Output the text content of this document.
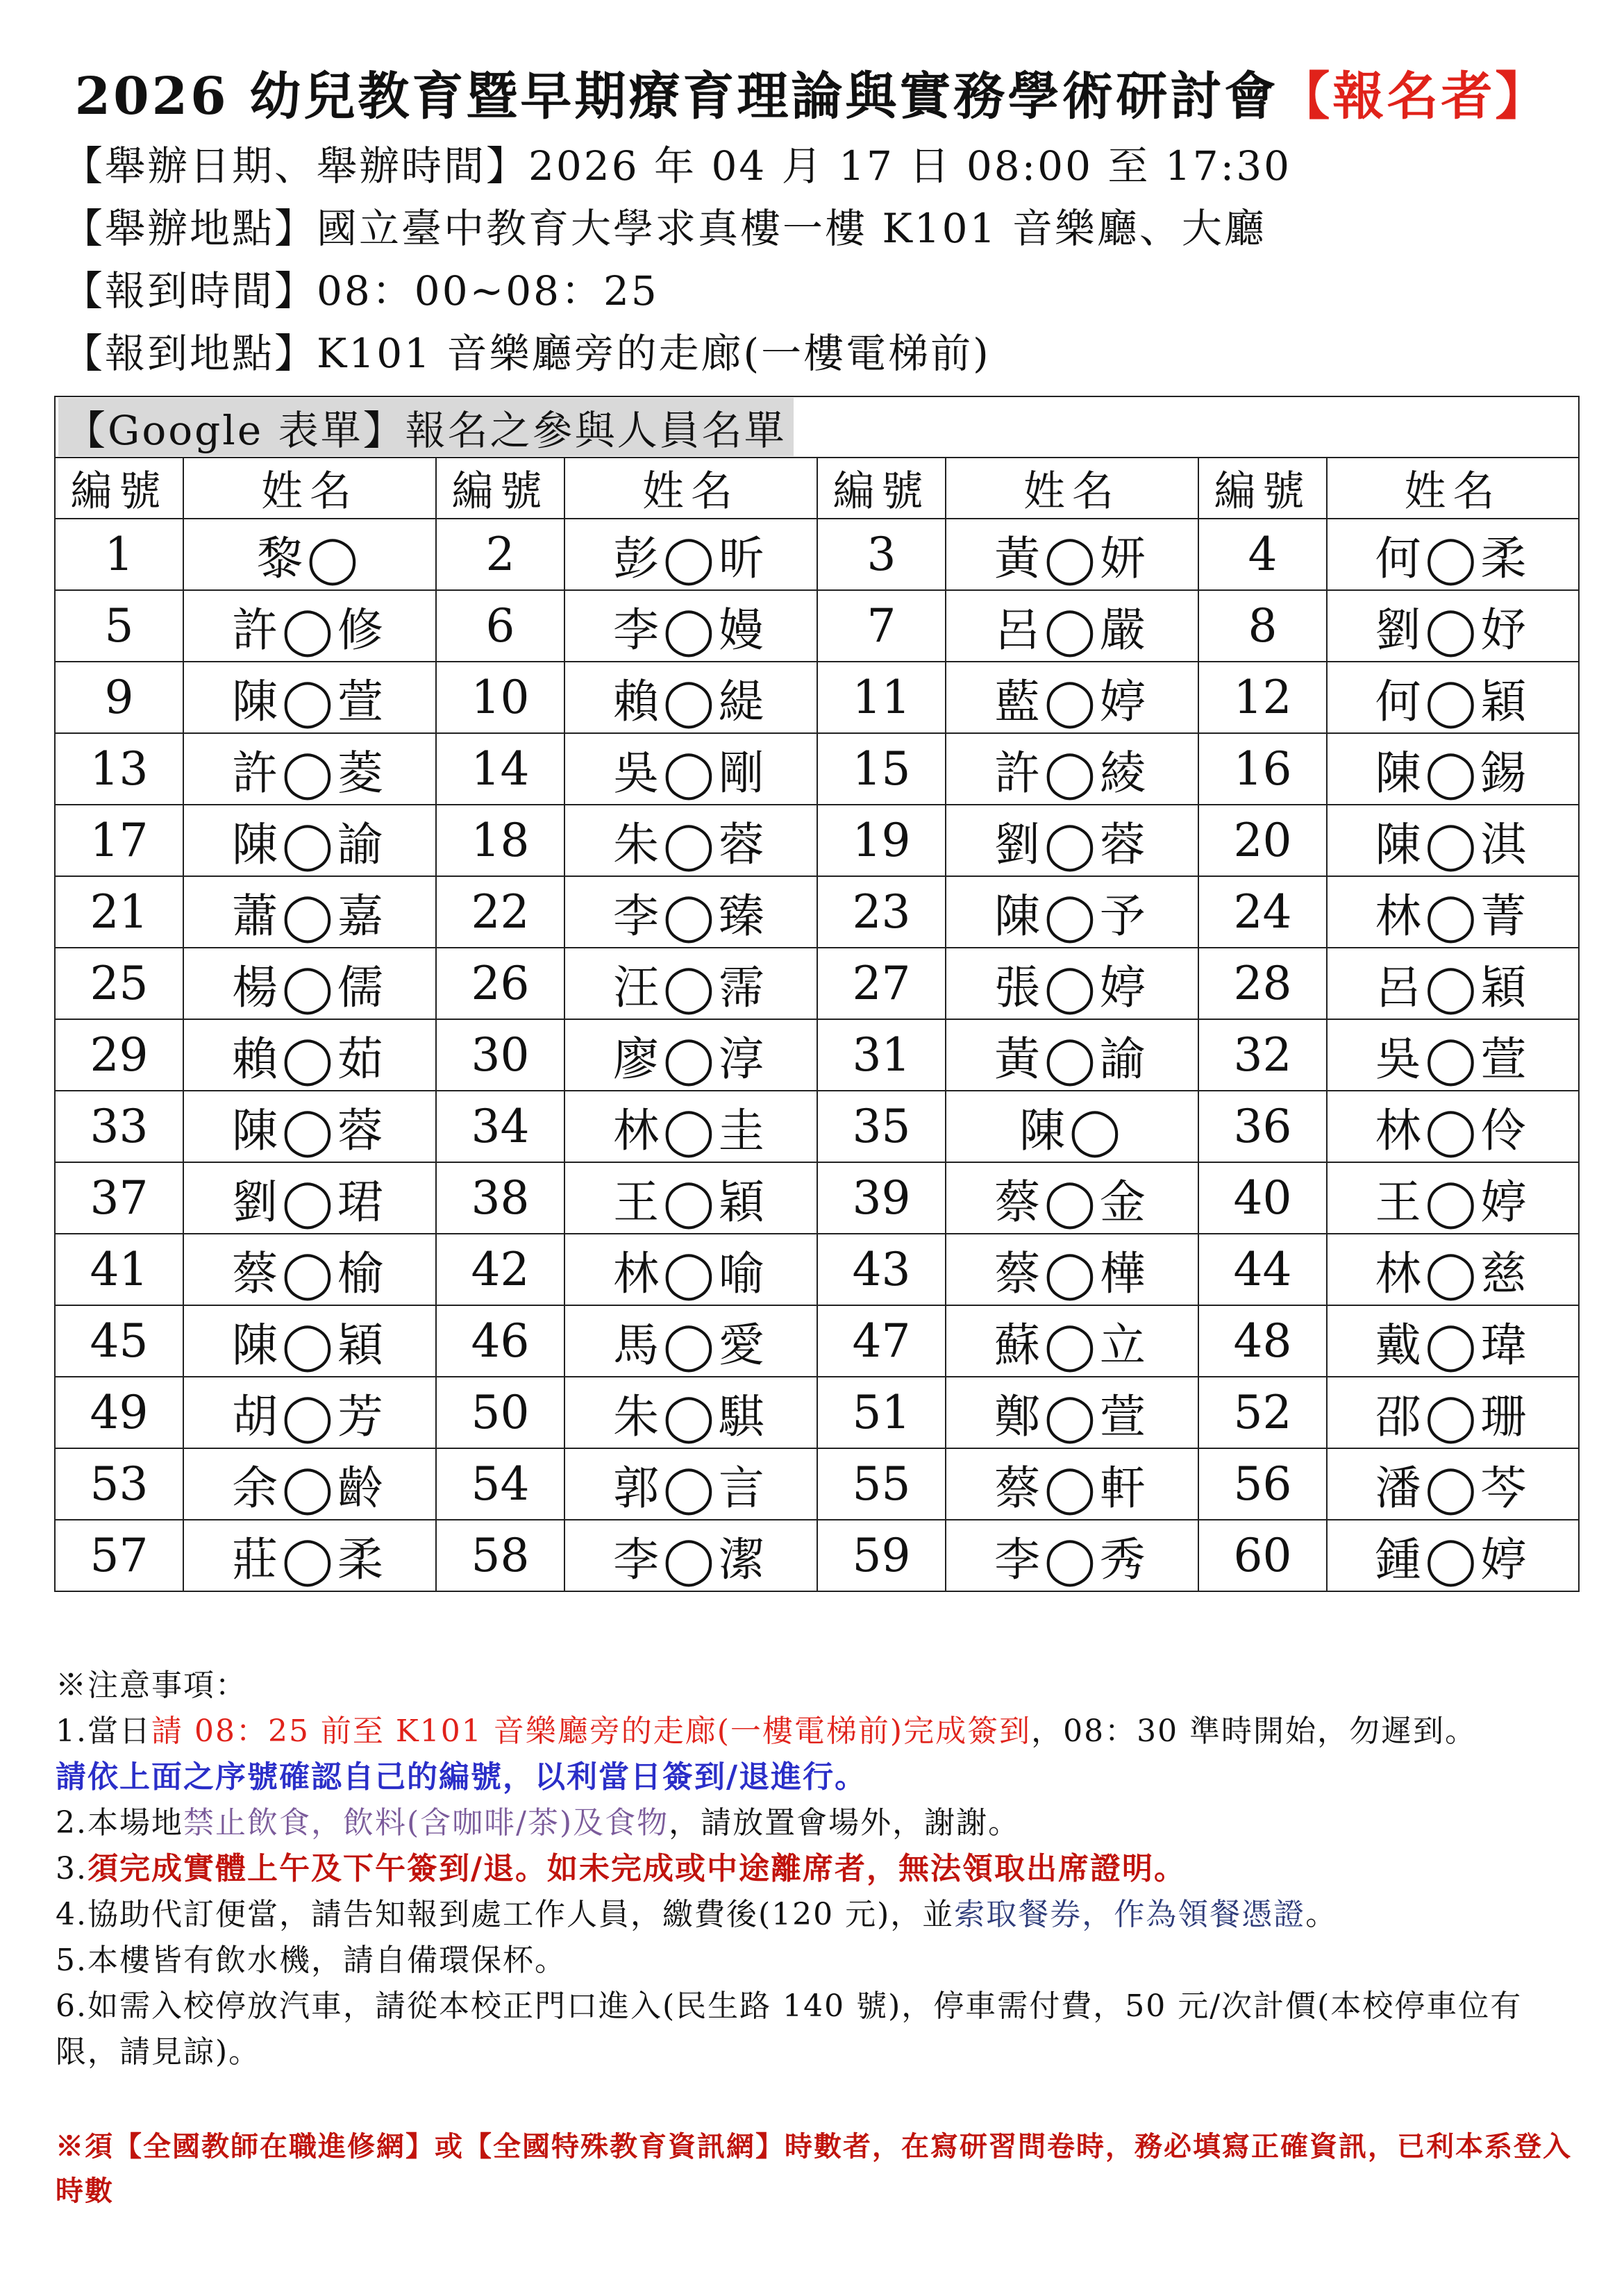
2026 幼兒教育暨早期療育理論與實務學術研討會【報名者】
【舉辦日期、舉辦時間】2026 年 04 月 17 日 08:00 至 17:30
【舉辦地點】國立臺中教育大學求真樓一樓 K101 音樂廳、大廳
【報到時間】08：00~08：25
【報到地點】K101 音樂廳旁的走廊(一樓電梯前)
【Google 表單】報名之參與人員名單							
編號	姓名	編號	姓名	編號	姓名	編號	姓名
1	黎◯	2	彭◯昕	3	黃◯妍	4	何◯柔
5	許◯修	6	李◯嫚	7	呂◯嚴	8	劉◯妤
9	陳◯萱	10	賴◯緹	11	藍◯婷	12	何◯穎
13	許◯菱	14	吳◯剛	15	許◯綾	16	陳◯錫
17	陳◯諭	18	朱◯蓉	19	劉◯蓉	20	陳◯淇
21	蕭◯嘉	22	李◯臻	23	陳◯予	24	林◯菁
25	楊◯儒	26	汪◯霈	27	張◯婷	28	呂◯穎
29	賴◯茹	30	廖◯淳	31	黃◯諭	32	吳◯萱
33	陳◯蓉	34	林◯圭	35	陳◯	36	林◯伶
37	劉◯珺	38	王◯穎	39	蔡◯金	40	王◯婷
41	蔡◯榆	42	林◯喻	43	蔡◯樺	44	林◯慈
45	陳◯穎	46	馬◯愛	47	蘇◯立	48	戴◯瑋
49	胡◯芳	50	朱◯騏	51	鄭◯萱	52	邵◯珊
53	余◯齡	54	郭◯言	55	蔡◯軒	56	潘◯芩
57	莊◯柔	58	李◯潔	59	李◯秀	60	鍾◯婷

※注意事項：

1.當日請 08：25 前至 K101 音樂廳旁的走廊(一樓電梯前)完成簽到，08：30 準時開始，勿遲到。

請依上面之序號確認自己的編號，以利當日簽到/退進行。

2.本場地禁止飲食，飲料(含咖啡/茶)及食物，請放置會場外，謝謝。

3.須完成實體上午及下午簽到/退。如未完成或中途離席者，無法領取出席證明。

4.協助代訂便當，請告知報到處工作人員，繳費後(120 元)，並索取餐券，作為領餐憑證。

5.本樓皆有飲水機，請自備環保杯。

6.如需入校停放汽車，請從本校正門口進入(民生路 140 號)，停車需付費，50 元/次計價(本校停車位有限，請見諒)。

※須【全國教師在職進修網】或【全國特殊教育資訊網】時數者，在寫研習問卷時，務必填寫正確資訊，已利本系登入時數
